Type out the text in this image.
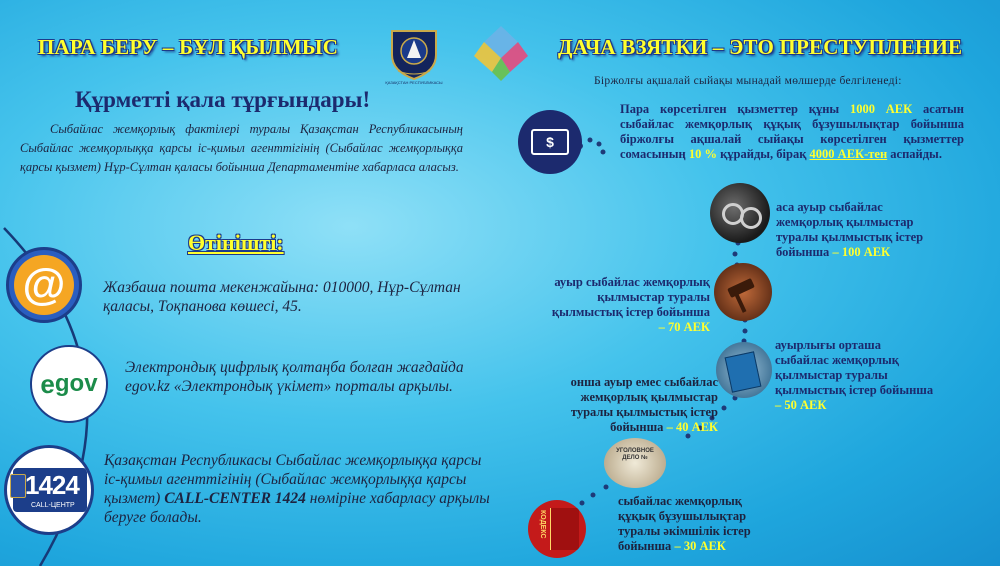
ПАРА БЕРУ – БҰЛ ҚЫЛМЫС	ДАЧА ВЗЯТКИ – ЭТО ПРЕСТУПЛЕНИЕ
ҚАЗАҚСТАН РЕСПУБЛИКАСЫ
Құрметті қала тұрғындары!
Сыбайлас жемқорлық фактілері туралы Қазақстан Республикасының Сыбайлас жемқорлыққа қарсы іс-қимыл агенттігінің (Сыбайлас жемқорлыққа қарсы қызмет) Нұр-Сұлтан қаласы бойынша Департаментіне хабарласа аласыз.
Өтінішті:
@	Жазбаша пошта мекенжайына: 010000, Нұр-Сұлтан қаласы, Тоқпанова көшесі, 45.
e gov
Электрондық цифрлық қолтаңба болған жағдайда egov.kz «Электрондық үкімет» порталы арқылы.
1424
CALL-ЦЕНТР
Қазақстан Республикасы Сыбайлас жемқорлыққа қарсы іс-қимыл агенттігінің (Сыбайлас жемқорлыққа қарсы қызмет) CALL-CENTER 1424 нөміріне хабарласу арқылы беруге болады.
Біржолғы ақшалай сыйақы мынадай мөлшерде белгіленеді:
$
Пара көрсетілген қызметтер құны 1000 АЕК асатын сыбайлас жемқорлық құқық бұзушылықтар бойынша біржолғы ақшалай сыйақы көрсетілген қызметтер сомасының 10 % құрайды, бірақ 4000 АЕК-тен аспайды.
аса ауыр сыбайлас жемқорлық қылмыстар туралы қылмыстық істер бойынша – 100 АЕК
ауыр сыбайлас жемқорлық қылмыстар туралы қылмыстық істер бойынша – 70 АЕК
ауырлығы орташа сыбайлас жемқорлық қылмыстар туралы қылмыстық істер бойынша – 50 АЕК
онша ауыр емес сыбайлас жемқорлық қылмыстар туралы қылмыстық істер бойынша – 40 АЕК
УГОЛОВНОЕ ДЕЛО №
КОДЕКС
сыбайлас жемқорлық құқық бұзушылықтар туралы әкімшілік істер бойынша – 30 АЕК
